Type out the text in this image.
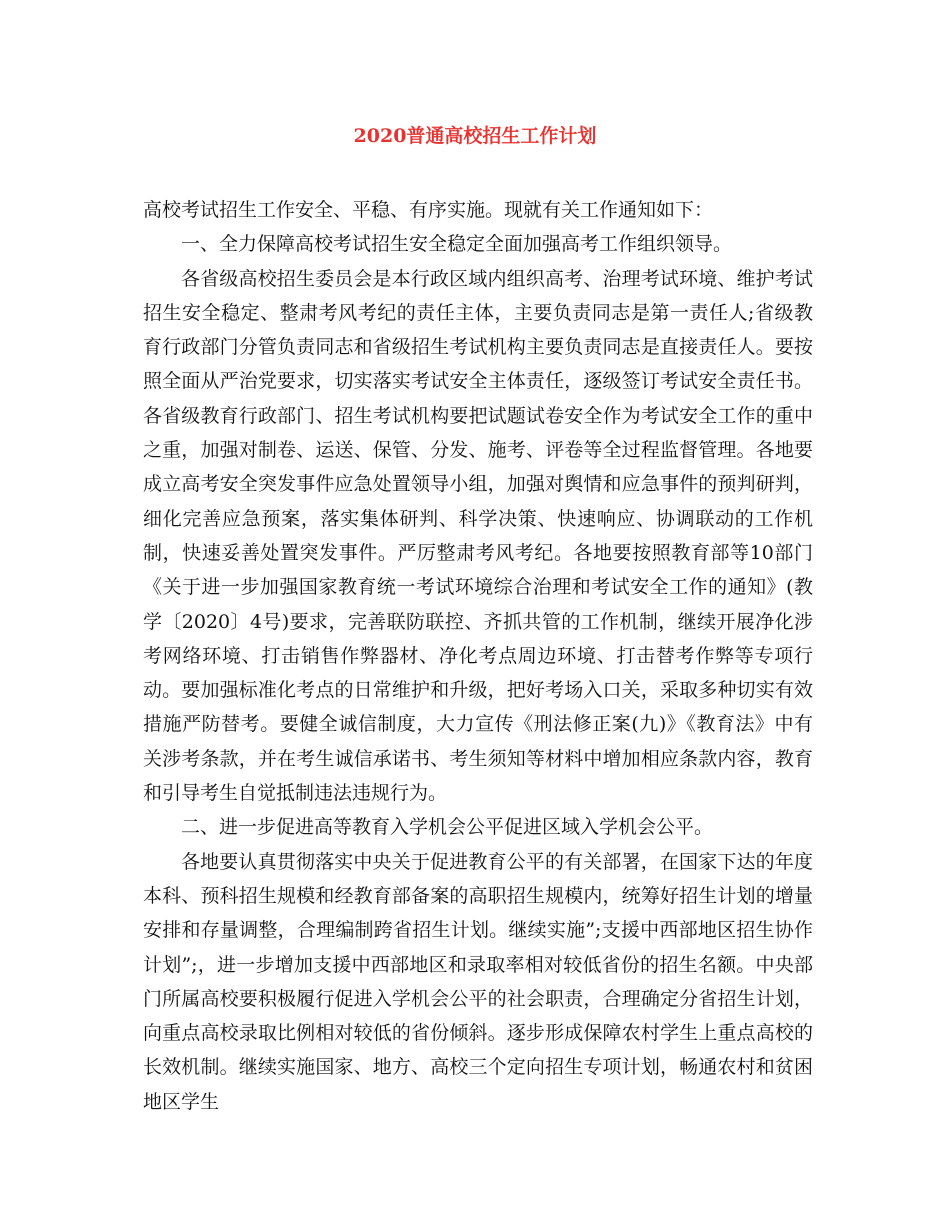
2020普通高校招生工作计划

高校考试招生工作安全、平稳、有序实施。现就有关工作通知如下：

一、全力保障高校考试招生安全稳定全面加强高考工作组织领导。

各省级高校招生委员会是本行政区域内组织高考、治理考试环境、维护考试招生安全稳定、整肃考风考纪的责任主体，主要负责同志是第一责任人;省级教育行政部门分管负责同志和省级招生考试机构主要负责同志是直接责任人。要按照全面从严治党要求，切实落实考试安全主体责任，逐级签订考试安全责任书。各省级教育行政部门、招生考试机构要把试题试卷安全作为考试安全工作的重中之重，加强对制卷、运送、保管、分发、施考、评卷等全过程监督管理。各地要成立高考安全突发事件应急处置领导小组，加强对舆情和应急事件的预判研判，细化完善应急预案，落实集体研判、科学决策、快速响应、协调联动的工作机制，快速妥善处置突发事件。严厉整肃考风考纪。各地要按照教育部等10部门《关于进一步加强国家教育统一考试环境综合治理和考试安全工作的通知》(教学〔2020〕4号)要求，完善联防联控、齐抓共管的工作机制，继续开展净化涉考网络环境、打击销售作弊器材、净化考点周边环境、打击替考作弊等专项行动。要加强标准化考点的日常维护和升级，把好考场入口关，采取多种切实有效措施严防替考。要健全诚信制度，大力宣传《刑法修正案(九)》《教育法》中有关涉考条款，并在考生诚信承诺书、考生须知等材料中增加相应条款内容，教育和引导考生自觉抵制违法违规行为。

二、进一步促进高等教育入学机会公平促进区域入学机会公平。

各地要认真贯彻落实中央关于促进教育公平的有关部署，在国家下达的年度本科、预科招生规模和经教育部备案的高职招生规模内，统筹好招生计划的增量安排和存量调整，合理编制跨省招生计划。继续实施”;支援中西部地区招生协作计划”;，进一步增加支援中西部地区和录取率相对较低省份的招生名额。中央部门所属高校要积极履行促进入学机会公平的社会职责，合理确定分省招生计划，向重点高校录取比例相对较低的省份倾斜。逐步形成保障农村学生上重点高校的长效机制。继续实施国家、地方、高校三个定向招生专项计划，畅通农村和贫困地区学生
